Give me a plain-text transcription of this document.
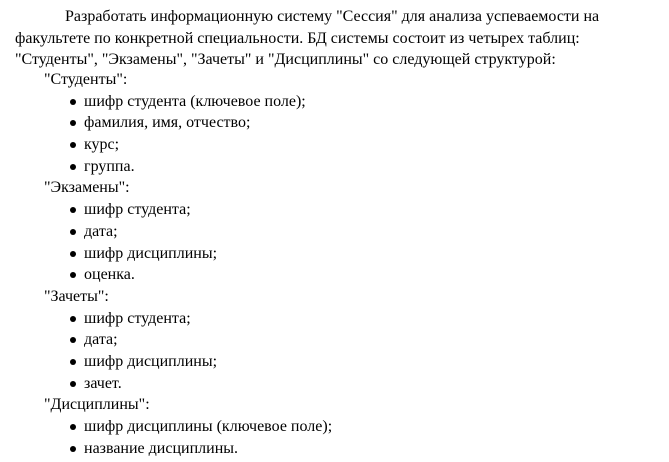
Разработать информационную систему "Сессия" для анализа успеваемости на
факультете по конкретной специальности. БД системы состоит из четырех таблиц:
"Студенты", "Экзамены", "Зачеты" и "Дисциплины" со следующей структурой:

"Студенты":
шифр студента (ключевое поле);
фамилия, имя, отчество;
курс;
группа.
"Экзамены":
шифр студента;
дата;
шифр дисциплины;
оценка.
"Зачеты":
шифр студента;
дата;
шифр дисциплины;
зачет.
"Дисциплины":
шифр дисциплины (ключевое поле);
название дисциплины.
